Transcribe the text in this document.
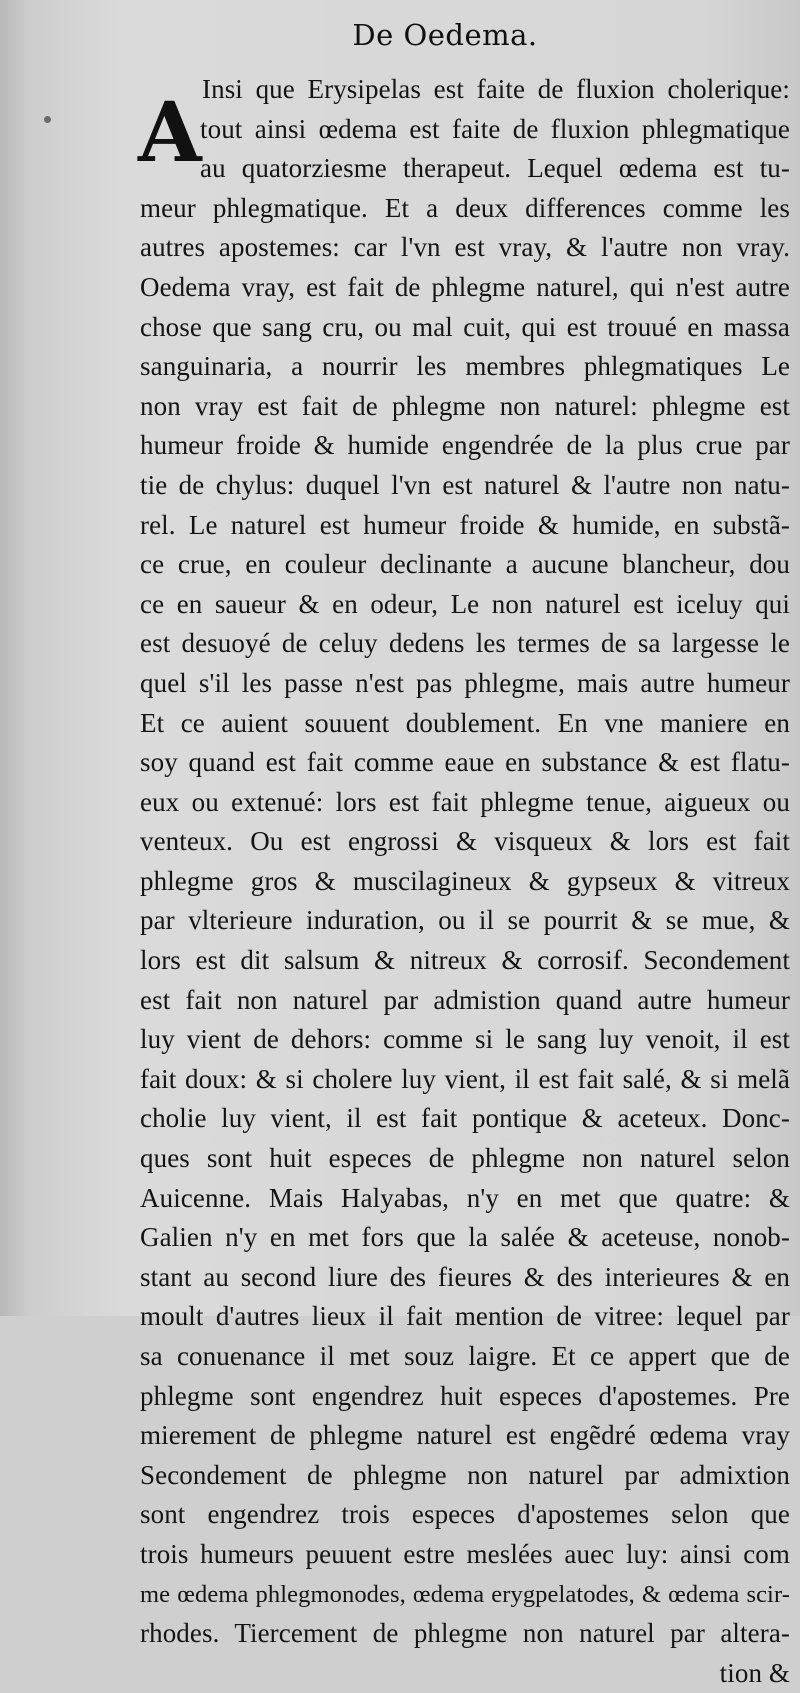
De Oedema.
A Insi que Erysipelas est faite de fluxion cholerique:
tout ainsi œdema est faite de fluxion phlegmatique
au quatorziesme therapeut. Lequel œdema est tu-
meur phlegmatique. Et a deux differences comme les
autres apostemes: car l'vn est vray, & l'autre non vray.
Oedema vray, est fait de phlegme naturel, qui n'est autre
chose que sang cru, ou mal cuit, qui est trouué en massa
sanguinaria, a nourrir les membres phlegmatiques Le
non vray est fait de phlegme non naturel: phlegme est
humeur froide & humide engendrée de la plus crue par
tie de chylus: duquel l'vn est naturel & l'autre non natu-
rel. Le naturel est humeur froide & humide, en substã-
ce crue, en couleur declinante a aucune blancheur, dou
ce en saueur & en odeur, Le non naturel est iceluy qui
est desuoyé de celuy dedens les termes de sa largesse le
quel s'il les passe n'est pas phlegme, mais autre humeur
Et ce auient souuent doublement. En vne maniere en
soy quand est fait comme eaue en substance & est flatu-
eux ou extenué: lors est fait phlegme tenue, aigueux ou
venteux. Ou est engrossi & visqueux & lors est fait
phlegme gros & muscilagineux & gypseux & vitreux
par vlterieure induration, ou il se pourrit & se mue, &
lors est dit salsum & nitreux & corrosif. Secondement
est fait non naturel par admistion quand autre humeur
luy vient de dehors: comme si le sang luy venoit, il est
fait doux: & si cholere luy vient, il est fait salé, & si melã
cholie luy vient, il est fait pontique & aceteux. Donc-
ques sont huit especes de phlegme non naturel selon
Auicenne. Mais Halyabas, n'y en met que quatre: &
Galien n'y en met fors que la salée & aceteuse, nonob-
stant au second liure des fieures & des interieures & en
moult d'autres lieux il fait mention de vitree: lequel par
sa conuenance il met souz laigre. Et ce appert que de
phlegme sont engendrez huit especes d'apostemes. Pre
mierement de phlegme naturel est engẽdré œdema vray
Secondement de phlegme non naturel par admixtion
sont engendrez trois especes d'apostemes selon que
trois humeurs peuuent estre meslées auec luy: ainsi com
me œdema phlegmonodes, œdema erygpelatodes, & œdema scir-
rhodes. Tiercement de phlegme non naturel par altera-
tion &
